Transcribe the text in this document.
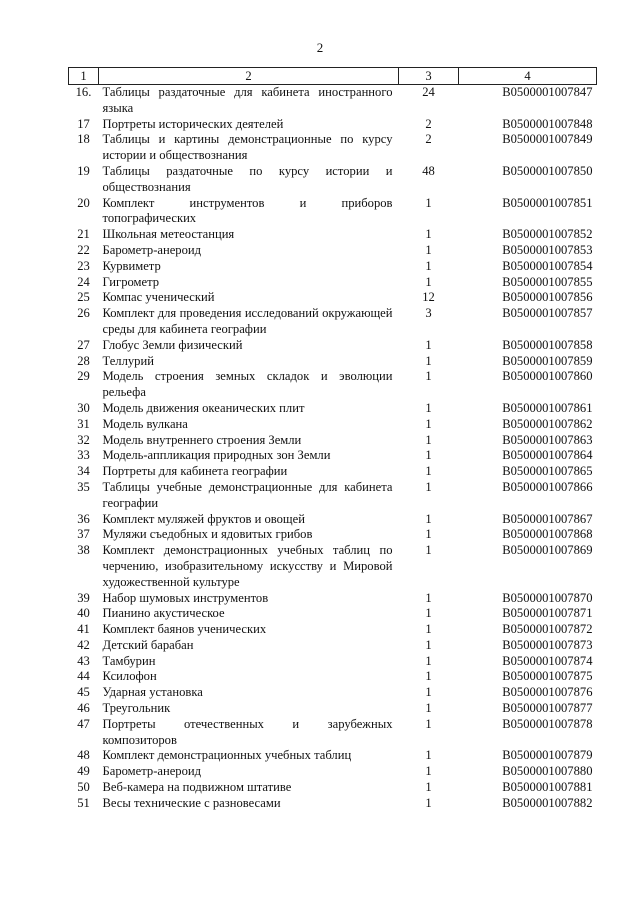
2
1	2	3	4
16.	Таблицы раздаточные для кабинета иностранного языка	24	B0500001007847
17	Портреты исторических деятелей	2	B0500001007848
18	Таблицы и картины демонстрационные по курсу истории и обществознания	2	B0500001007849
19	Таблицы раздаточные по курсу истории и обществознания	48	B0500001007850
20	Комплект инструментов и приборов топографических	1	B0500001007851
21	Школьная метеостанция	1	B0500001007852
22	Барометр-анероид	1	B0500001007853
23	Курвиметр	1	B0500001007854
24	Гигрометр	1	B0500001007855
25	Компас ученический	12	B0500001007856
26	Комплект для проведения исследований окружающей среды для кабинета географии	3	B0500001007857
27	Глобус Земли физический	1	B0500001007858
28	Теллурий	1	B0500001007859
29	Модель строения земных складок и эволюции рельефа	1	B0500001007860
30	Модель движения океанических плит	1	B0500001007861
31	Модель вулкана	1	B0500001007862
32	Модель внутреннего строения Земли	1	B0500001007863
33	Модель-аппликация природных зон Земли	1	B0500001007864
34	Портреты для кабинета географии	1	B0500001007865
35	Таблицы учебные демонстрационные для кабинета географии	1	B0500001007866
36	Комплект муляжей фруктов и овощей	1	B0500001007867
37	Муляжи съедобных и ядовитых грибов	1	B0500001007868
38	Комплект демонстрационных учебных таблиц по черчению, изобразительному искусству и Мировой художественной культуре	1	B0500001007869
39	Набор шумовых инструментов	1	B0500001007870
40	Пианино акустическое	1	B0500001007871
41	Комплект баянов ученических	1	B0500001007872
42	Детский барабан	1	B0500001007873
43	Тамбурин	1	B0500001007874
44	Ксилофон	1	B0500001007875
45	Ударная установка	1	B0500001007876
46	Треугольник	1	B0500001007877
47	Портреты отечественных и зарубежных композиторов	1	B0500001007878
48	Комплект демонстрационных учебных таблиц	1	B0500001007879
49	Барометр-анероид	1	B0500001007880
50	Веб-камера на подвижном штативе	1	B0500001007881
51	Весы технические с разновесами	1	B0500001007882
